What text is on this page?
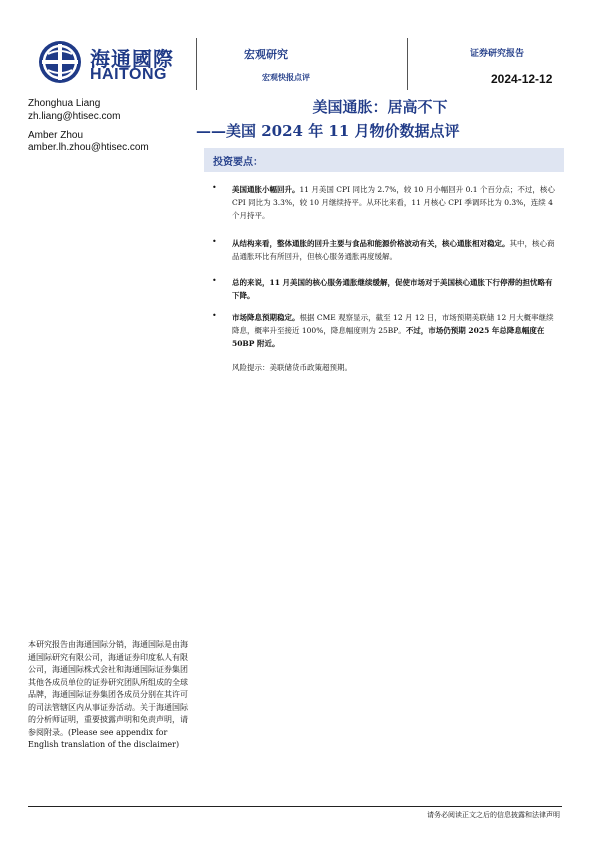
海通國際
HAITONG
宏观研究
宏观快报点评
证券研究报告
2024-12-12
Zhonghua Liang
zh.liang@htisec.com
Amber Zhou
amber.lh.zhou@htisec.com
美国通胀：居高不下
——美国 2024 年 11 月物价数据点评
投资要点：
• 美国通胀小幅回升。11 月美国 CPI 同比为 2.7%，较 10 月小幅回升 0.1 个百分点；不过，核心 CPI 同比为 3.3%，较 10 月继续持平。从环比来看，11 月核心 CPI 季调环比为 0.3%，连续 4 个月持平。
• 从结构来看，整体通胀的回升主要与食品和能源价格波动有关，核心通胀相对稳定。其中，核心商品通胀环比有所回升，但核心服务通胀再度缓解。
• 总的来说，11 月美国的核心服务通胀继续缓解，促使市场对于美国核心通胀下行停滞的担忧略有下降。
• 市场降息预期稳定。根据 CME 观察显示，截至 12 月 12 日，市场预期美联储 12 月大概率继续降息，概率升至接近 100%，降息幅度则为 25BP。不过，市场仍预期 2025 年总降息幅度在 50BP 附近。
风险提示：美联储货币政策超预期。
本研究报告由海通国际分销，海通国际是由海通国际研究有限公司，海通证券印度私人有限公司，海通国际株式会社和海通国际证券集团其他各成员单位的证券研究团队所组成的全球品牌，海通国际证券集团各成员分别在其许可的司法管辖区内从事证券活动。关于海通国际的分析师证明，重要披露声明和免责声明，请参阅附录。(Please see appendix for English translation of the disclaimer)
请务必阅读正文之后的信息披露和法律声明
